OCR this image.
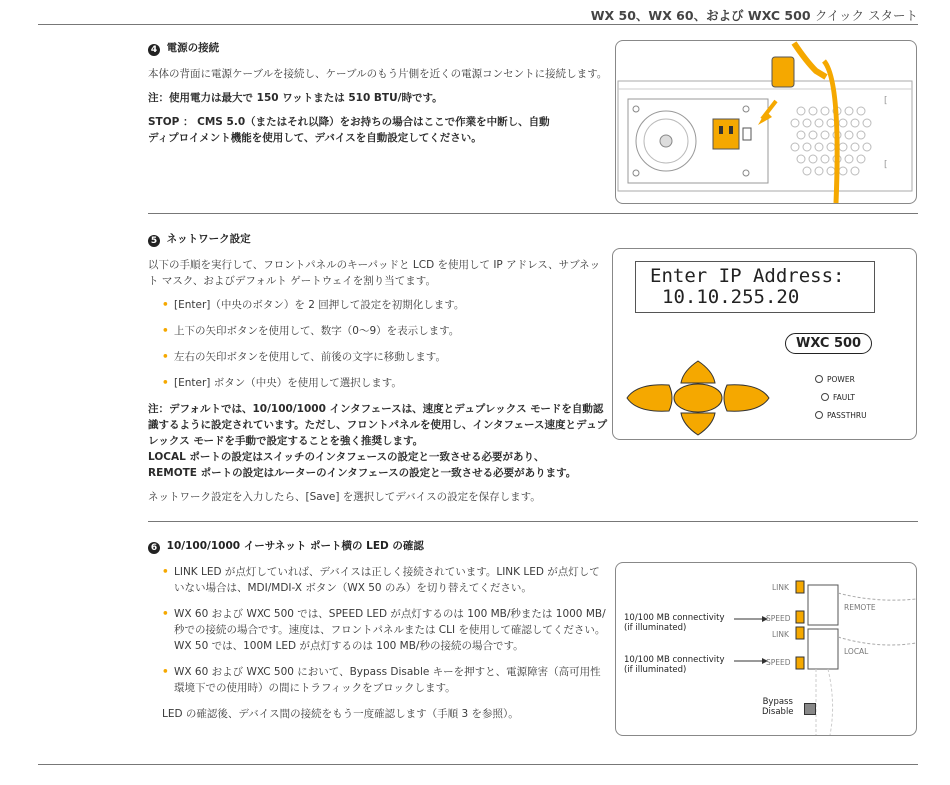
WX 50、WX 60、および WXC 500 クイック スタート
4 電源の接続

本体の背面に電源ケーブルを接続し、ケーブルのもう片側を近くの電源コンセントに接続します。

注：使用電力は最大で 150 ワットまたは 510 BTU/時です。

STOP ： CMS 5.0（またはそれ以降）をお持ちの場合はここで作業を中断し、自動
ディプロイメント機能を使用して、デバイスを自動設定してください。

[
[
5 ネットワーク設定

以下の手順を実行して、フロントパネルのキーパッドと LCD を使用して IP アドレス、サブネット マスク、およびデフォルト ゲートウェイを割り当てます。

• [Enter]（中央のボタン）を 2 回押して設定を初期化します。
• 上下の矢印ボタンを使用して、数字（0～9）を表示します。
• 左右の矢印ボタンを使用して、前後の文字に移動します。
• [Enter] ボタン（中央）を使用して選択します。

注：デフォルトでは、10/100/1000 インタフェースは、速度とデュプレックス モードを自動認識するように設定されています。ただし、フロントパネルを使用し、インタフェース速度とデュプレックス モードを手動で設定することを強く推奨します。
LOCAL ポートの設定はスイッチのインタフェースの設定と一致させる必要があり、
REMOTE ポートの設定はルーターのインタフェースの設定と一致させる必要があります。

ネットワーク設定を入力したら、[Save] を選択してデバイスの設定を保存します。

Enter IP Address:
10.10.255.20
WXC 500
POWER
FAULT
PASSTHRU
6 10/100/1000 イーサネット ポート横の LED の確認
• LINK LED が点灯していれば、デバイスは正しく接続されています。LINK LED が点灯していない場合は、MDI/MDI-X ボタン（WX 50 のみ）を切り替えてください。
• WX 60 および WXC 500 では、SPEED LED が点灯するのは 100 MB/秒または 1000 MB/秒での接続の場合です。速度は、フロントパネルまたは CLI を使用して確認してください。WX 50 では、100M LED が点灯するのは 100 MB/秒の接続の場合です。
• WX 60 および WXC 500 において、Bypass Disable キーを押すと、電源障害（高可用性環境下での使用時）の間にトラフィックをブロックします。

LED の確認後、デバイス間の接続をもう一度確認します（手順 3 を参照）。

LINK
SPEED
LINK
SPEED
REMOTE
LOCAL
10/100 MB connectivity
(if illuminated)
10/100 MB connectivity
(if illuminated)
Bypass
Disable
